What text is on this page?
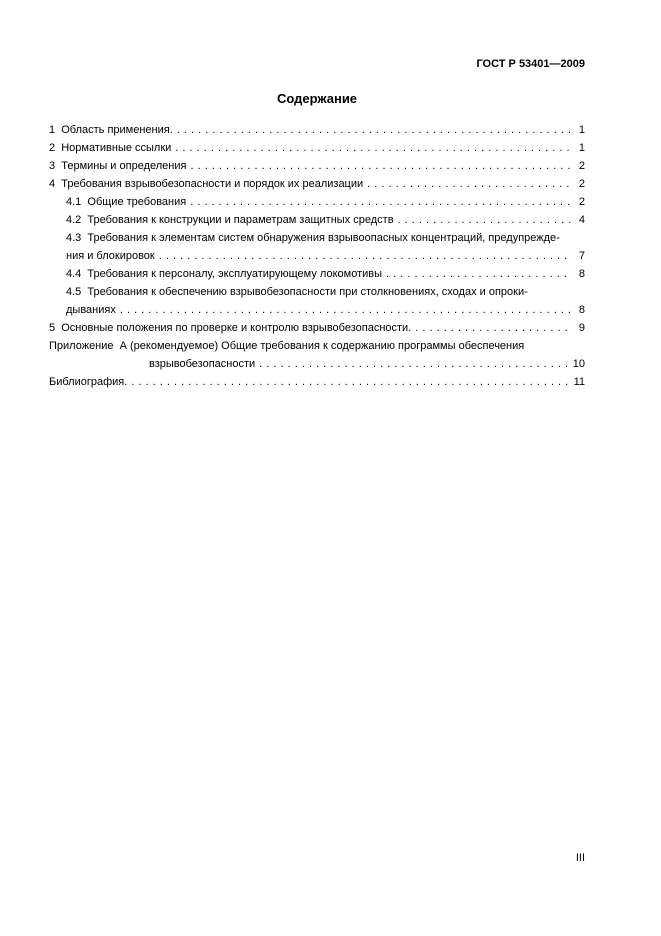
ГОСТ Р 53401—2009
Содержание
1  Область применения. . . .	1
2  Нормативные ссылки . . .	1
3  Термины и определения . . .	2
4  Требования взрывобезопасности и порядок их реализации . . .	2
4.1  Общие требования . . .	2
4.2  Требования к конструкции и параметрам защитных средств . . .	4
4.3  Требования к элементам систем обнаружения взрывоопасных концентраций, предупрежде-
ния и блокировок . . .	7
4.4  Требования к персоналу, эксплуатирующему локомотивы . . .	8
4.5  Требования к обеспечению взрывобезопасности при столкновениях, сходах и опроки-
дываниях . . .	8
5  Основные положения по проверке и контролю взрывобезопасности. . . .	9
Приложение  А (рекомендуемое) Общие требования к содержанию программы обеспечения
взрывобезопасности . . .	10
Библиография. . . .	11
III
